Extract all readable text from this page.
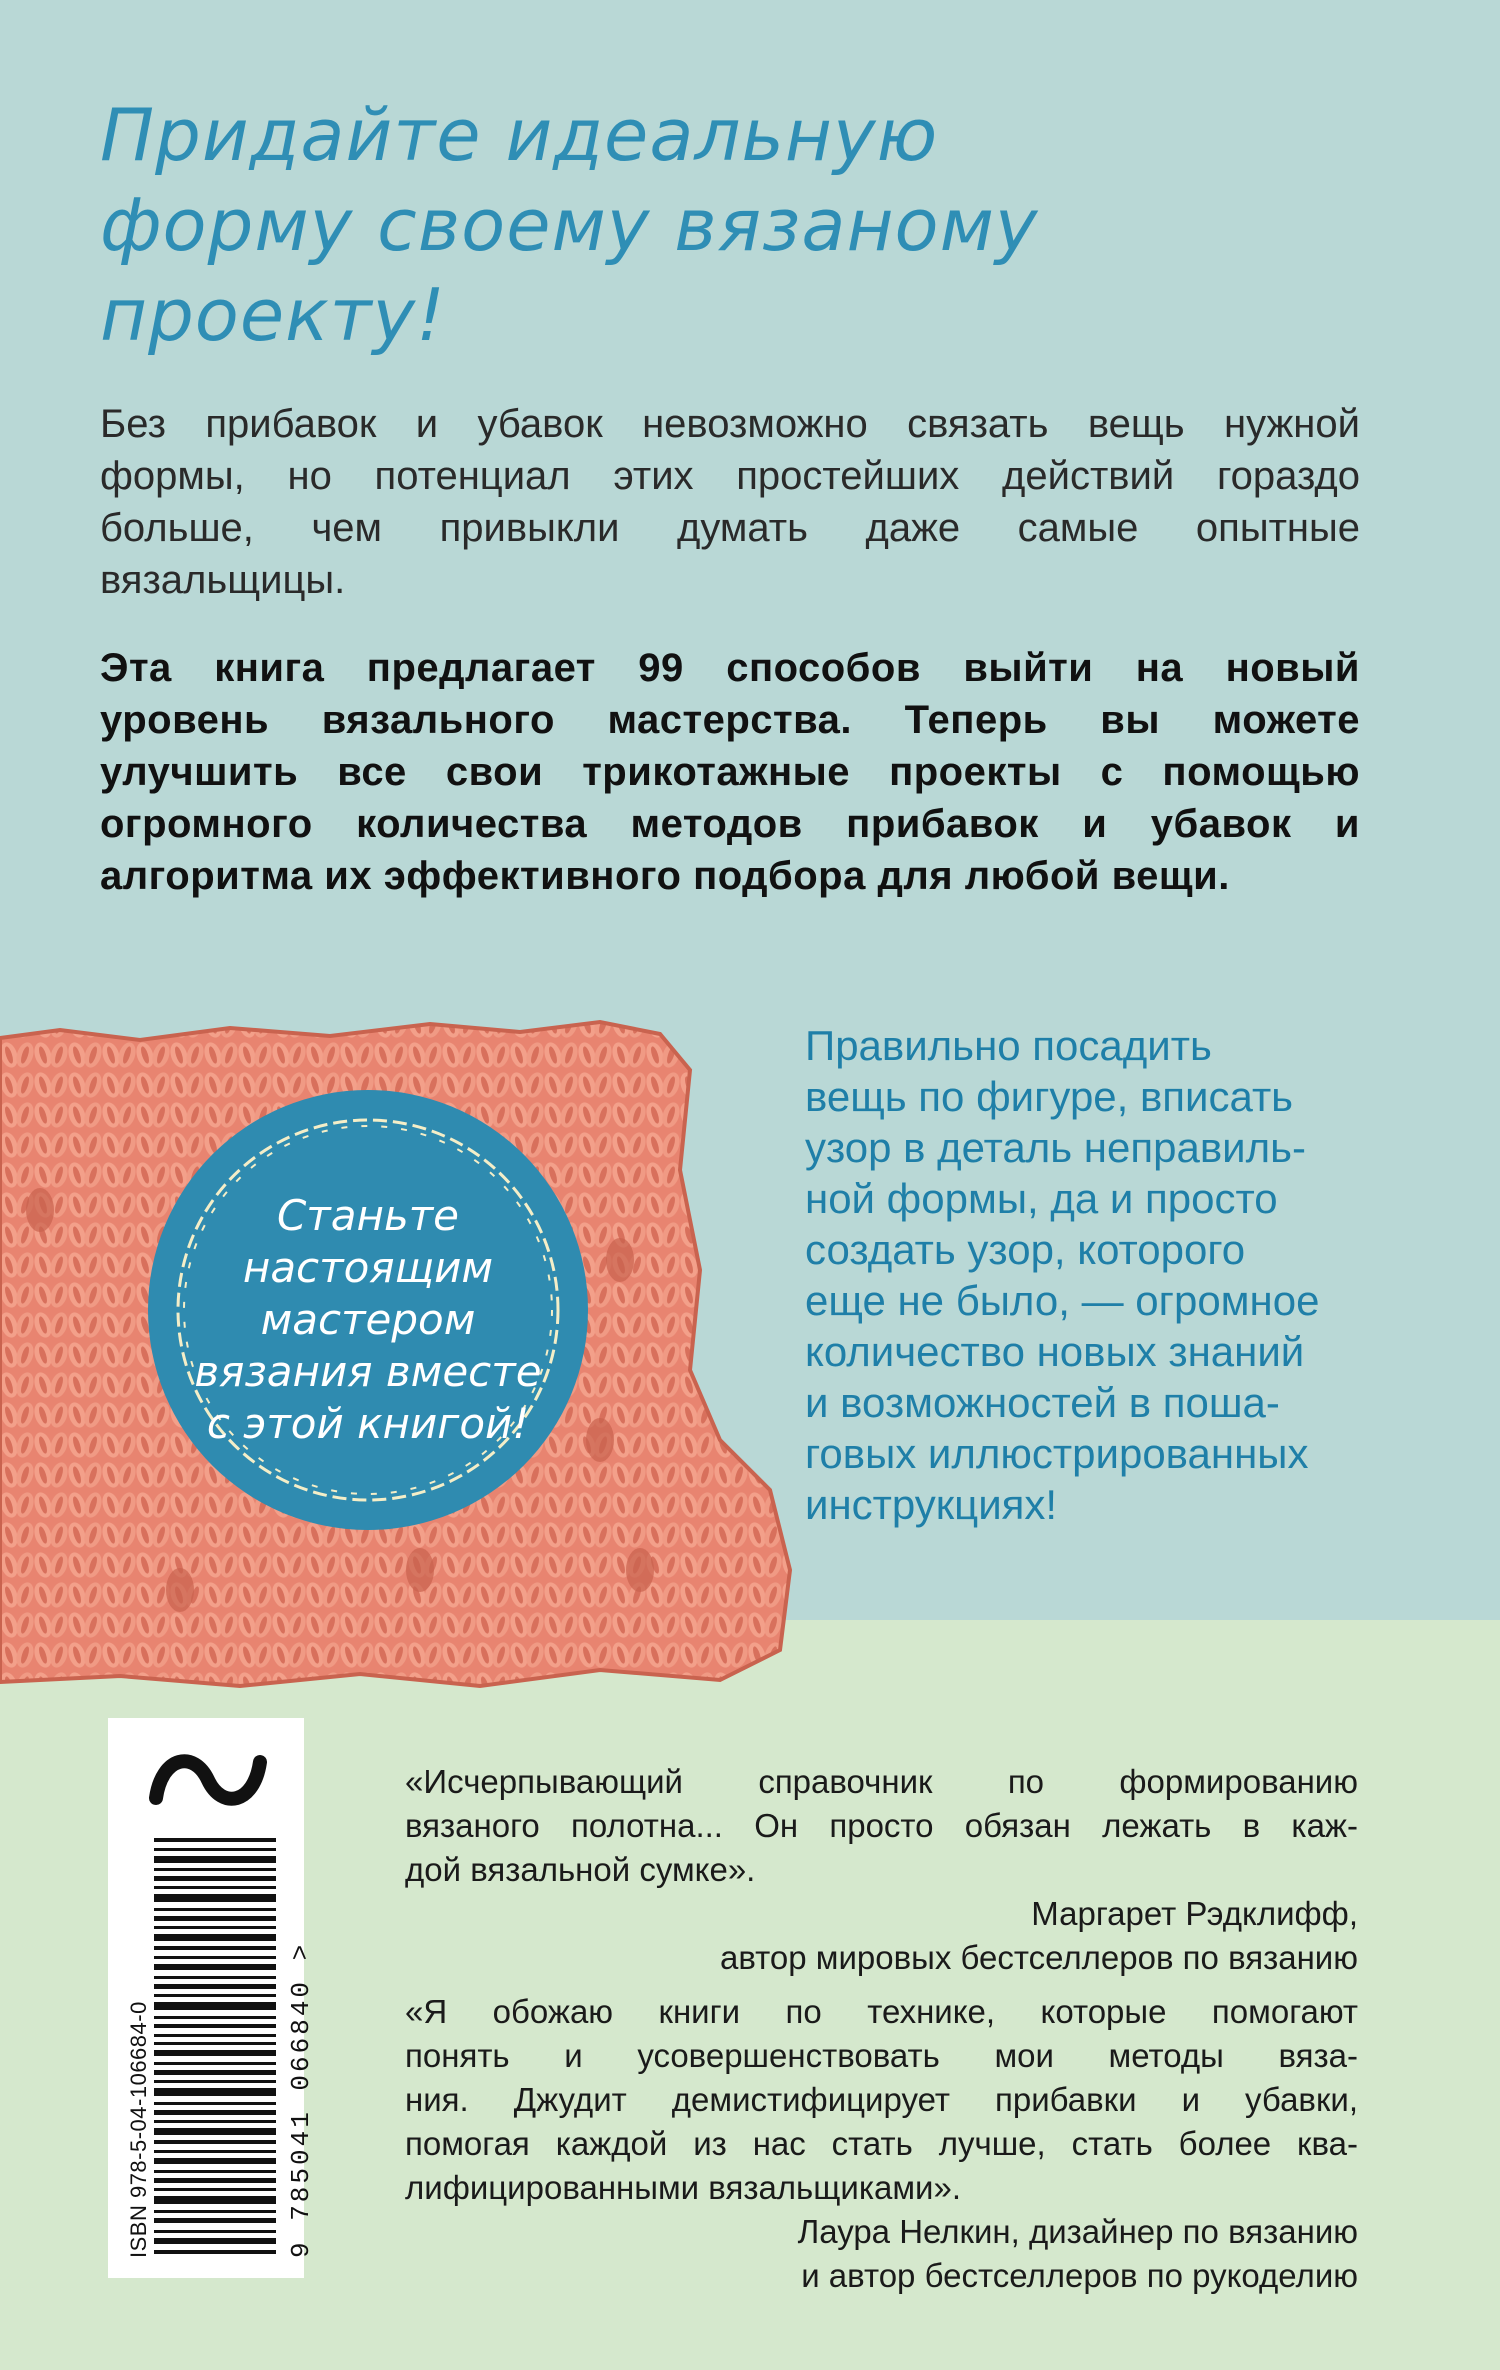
Придайте идеальную
форму своему вязаному
проекту!

Без прибавок и убавок невозможно связать вещь нужной
формы, но потенциал этих простейших действий гораздо
больше, чем привыкли думать даже самые опытные
вязальщицы.

Эта книга предлагает 99 способов выйти на новый
уровень вязального мастерства. Теперь вы можете
улучшить все свои трикотажные проекты с помощью
огромного количества методов прибавок и убавок и
алгоритма их эффективного подбора для любой вещи.

Станьте
настоящим
мастером
вязания вместе
с этой книгой!
Правильно посадить
вещь по фигуре, вписать
узор в деталь неправиль-
ной формы, да и просто
создать узор, которого
еще не было, — огромное
количество новых знаний
и возможностей в поша-
говых иллюстрированных
инструкциях!
ISBN 978-5-04-106684-0	9 785041 066840 >
«Исчерпывающий справочник по формированию
вязаного полотна... Он просто обязан лежать в каж-
дой вязальной сумке».
Маргарет Рэдклифф,
автор мировых бестселлеров по вязанию
«Я обожаю книги по технике, которые помогают
понять и усовершенствовать мои методы вяза-
ния. Джудит демистифицирует прибавки и убавки,
помогая каждой из нас стать лучше, стать более ква-
лифицированными вязальщиками».
Лаура Нелкин, дизайнер по вязанию
и автор бестселлеров по рукоделию
